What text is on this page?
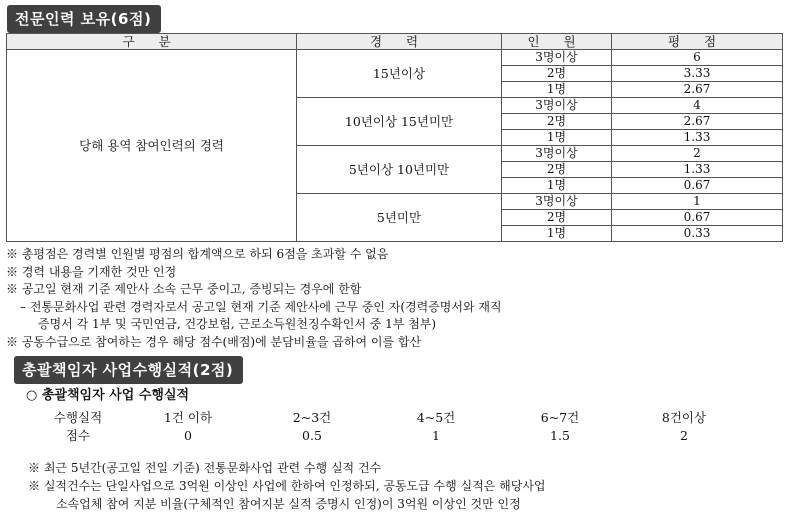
전문인력 보유(6점)
구 분	경 력	인 원	평 점
당해 용역 참여인력의 경력	15년이상	3명이상	6
		2명	3.33
		1명	2.67
	10년이상 15년미만	3명이상	4
		2명	2.67
		1명	1.33
	5년이상 10년미만	3명이상	2
		2명	1.33
		1명	0.67
	5년미만	3명이상	1
		2명	0.67
		1명	0.33
※ 총평점은 경력별 인원별 평점의 합계액으로 하되 6점을 초과할 수 없음
※ 경력 내용을 기재한 것만 인정
※ 공고일 현재 기준 제안사 소속 근무 중이고, 증빙되는 경우에 한함
– 전통문화사업 관련 경력자로서 공고일 현재 기준 제안사에 근무 중인 자(경력증명서와 재직
증명서 각 1부 및 국민연금, 건강보험, 근로소득원천징수확인서 중 1부 첨부)
※ 공동수급으로 참여하는 경우 해당 점수(배점)에 분담비율을 곱하여 이를 합산
총괄책임자 사업수행실적(2점)
○ 총괄책임자 사업 수행실적
수행실적	1건 이하	2~3건	4~5건	6~7건	8건이상
점수	0	0.5	1	1.5	2
※ 최근 5년간(공고일 전일 기준) 전통문화사업 관련 수행 실적 건수
※ 실적건수는 단일사업으로 3억원 이상인 사업에 한하여 인정하되, 공동도급 수행 실적은 해당사업
소속업체 참여 지분 비율(구체적인 참여지분 실적 증명시 인정)이 3억원 이상인 것만 인정
